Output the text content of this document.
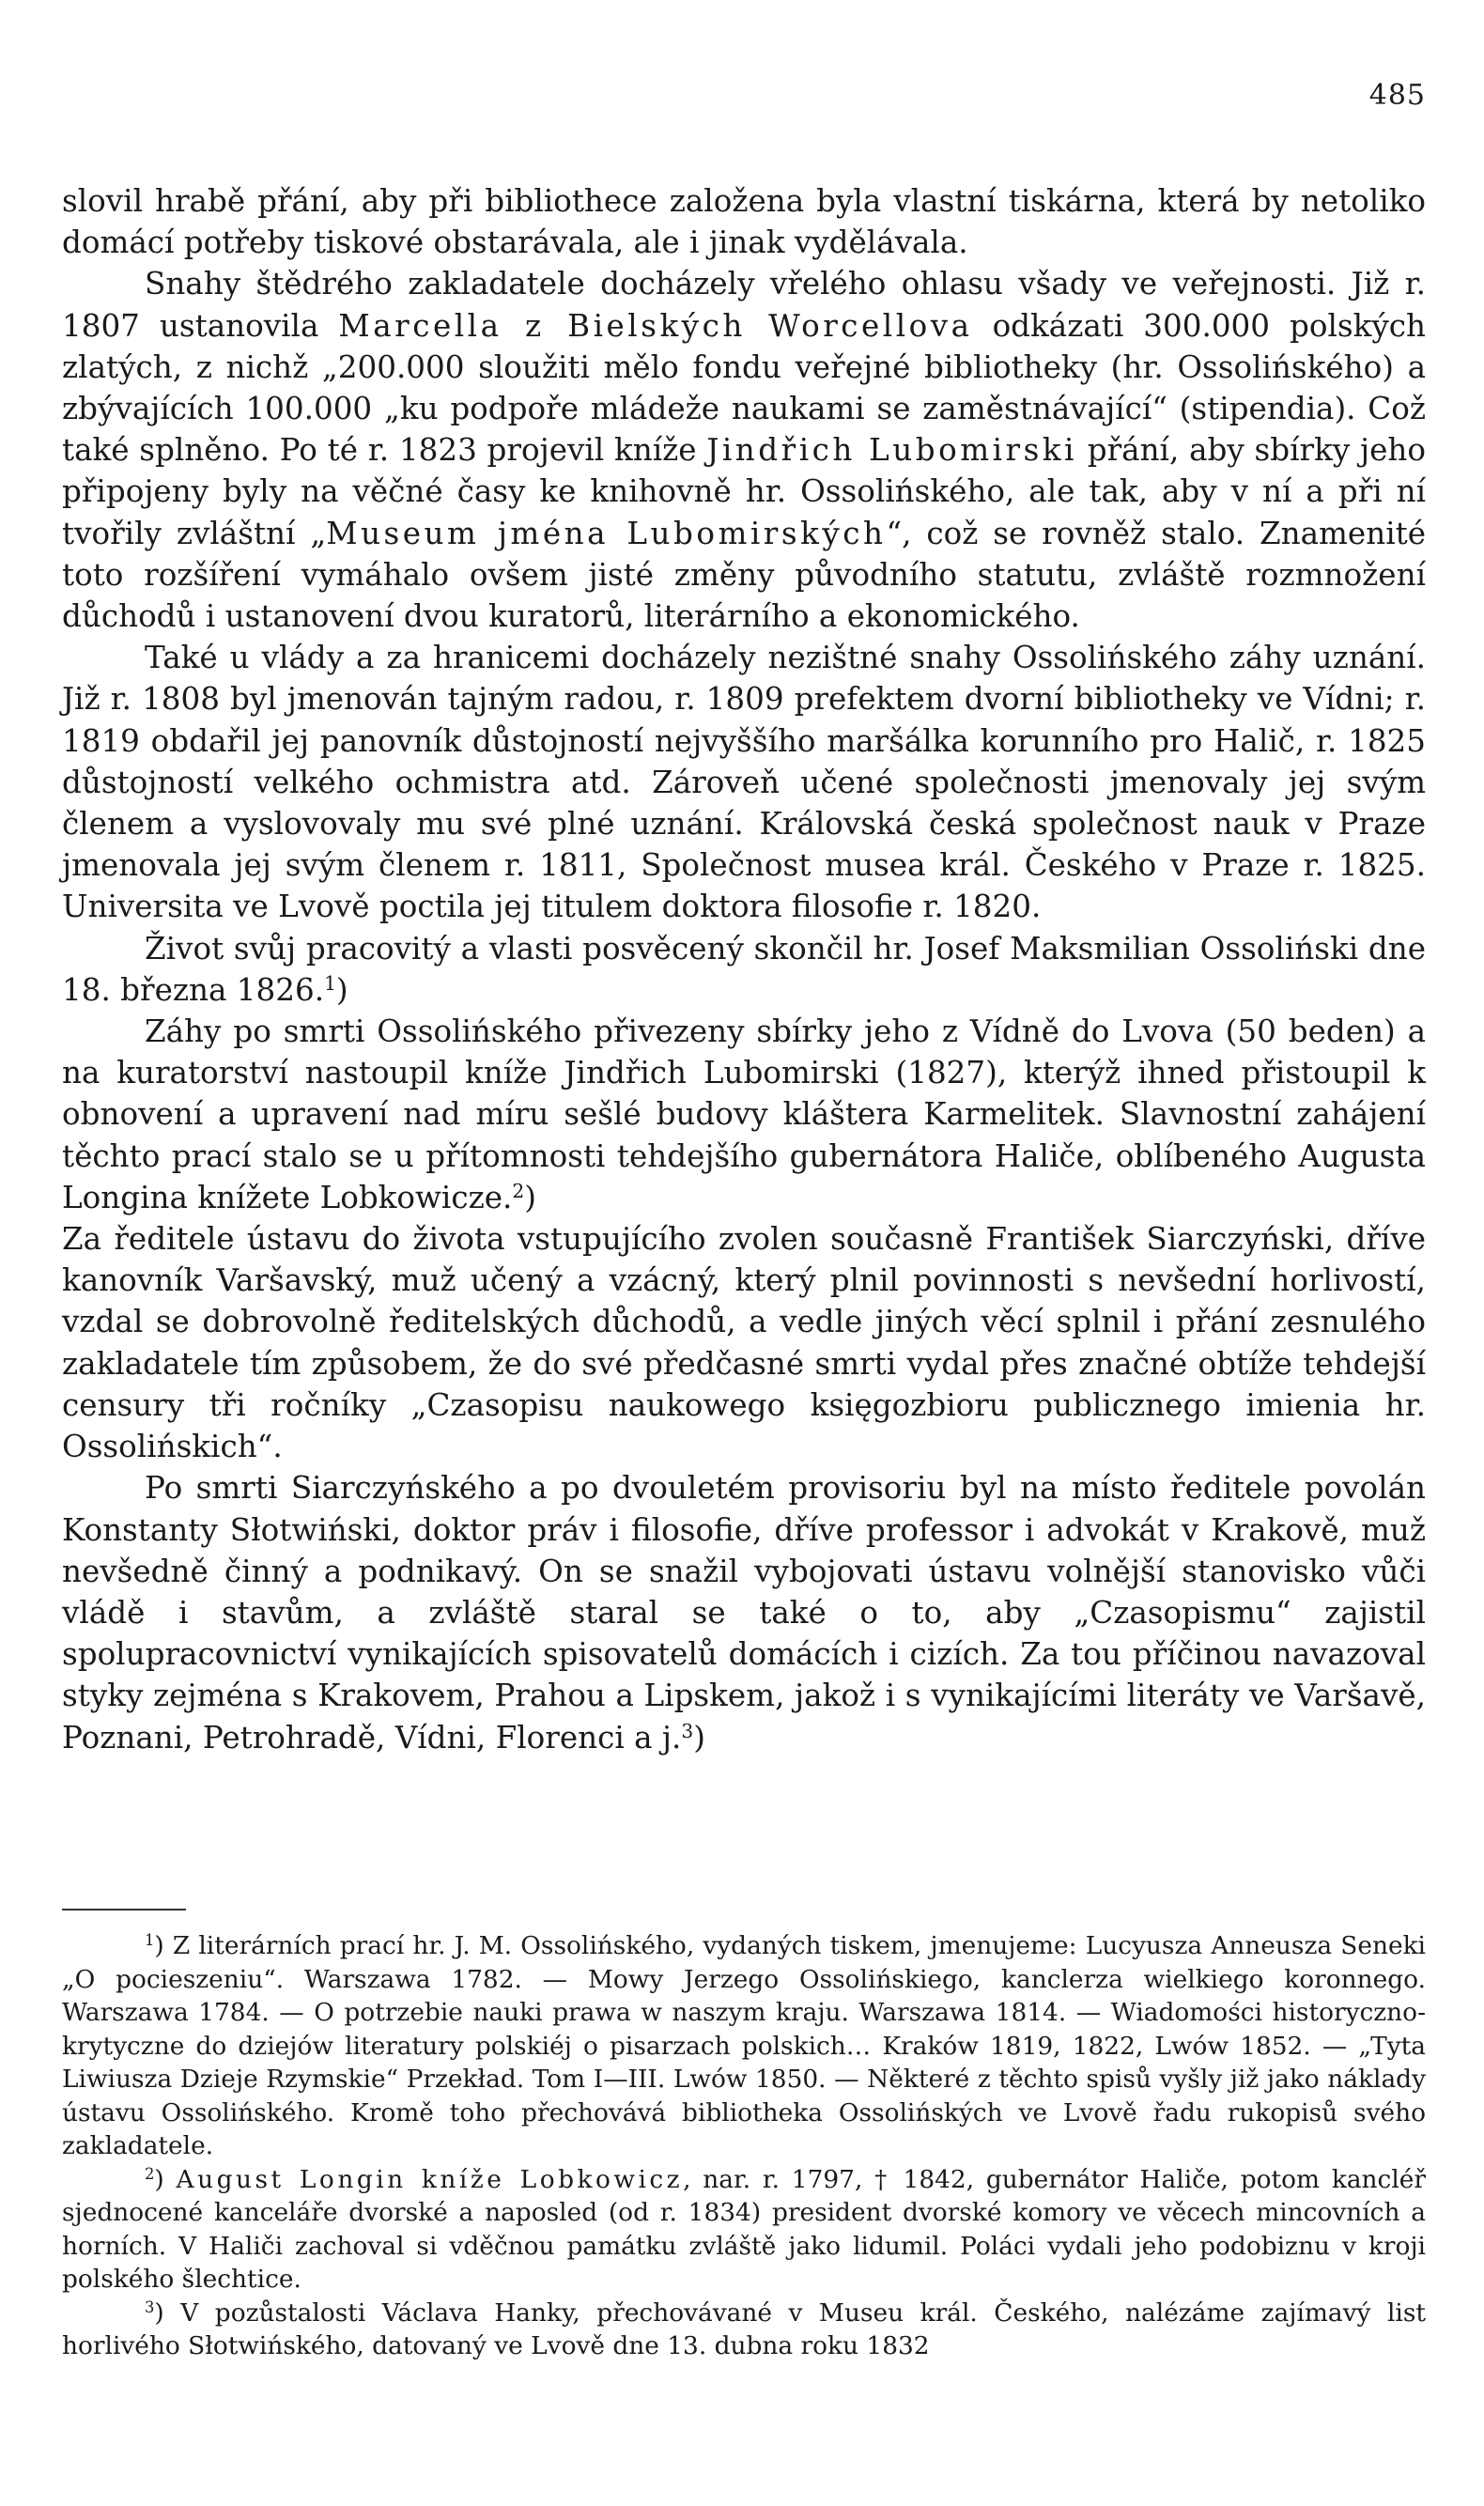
485

slovil hrabě přání, aby při bibliothece založena byla vlastní tiskárna, která by netoliko domácí potřeby tiskové obstarávala, ale i jinak vydělávala.

Snahy štědrého zakladatele docházely vřelého ohlasu všady ve veřejnosti. Již r. 1807 ustanovila Marcella z Bielských Worcellova odkázati 300.000 polských zlatých, z nichž „200.000 sloužiti mělo fondu veřejné bibliotheky (hr. Ossolińského) a zbývajících 100.000 „ku podpoře mládeže naukami se zaměstnávající“ (stipendia). Což také splněno. Po té r. 1823 projevil kníže Jindřich Lubomirski přání, aby sbírky jeho připojeny byly na věčné časy ke knihovně hr. Ossolińského, ale tak, aby v ní a při ní tvořily zvláštní „Museum jména Lubomirských“, což se rovněž stalo. Znamenité toto rozšíření vymáhalo ovšem jisté změny původního statutu, zvláště rozmnožení důchodů i ustanovení dvou kuratorů, literárního a ekonomického.

Také u vlády a za hranicemi docházely nezištné snahy Ossolińského záhy uznání. Již r. 1808 byl jmenován tajným radou, r. 1809 prefektem dvorní bibliotheky ve Vídni; r. 1819 obdařil jej panovník důstojností nejvyššího maršálka korunního pro Halič, r. 1825 důstojností velkého ochmistra atd. Zároveň učené společnosti jmenovaly jej svým členem a vyslovovaly mu své plné uznání. Královská česká společnost nauk v Praze jmenovala jej svým členem r. 1811, Společnost musea král. Českého v Praze r. 1825. Universita ve Lvově poctila jej titulem doktora filosofie r. 1820.

Život svůj pracovitý a vlasti posvěcený skončil hr. Josef Maksmilian Ossoliński dne 18. března 1826.$^1$)

Záhy po smrti Ossolińského přivezeny sbírky jeho z Vídně do Lvova (50 beden) a na kuratorství nastoupil kníže Jindřich Lubomirski (1827), kterýž ihned přistoupil k obnovení a upravení nad míru sešlé budovy kláštera Karmelitek. Slavnostní zahájení těchto prací stalo se u přítomnosti tehdejšího gubernátora Haliče, oblíbeného Augusta Longina knížete Lobkowicze.$^2$)

Za ředitele ústavu do života vstupujícího zvolen současně František Siarczyński, dříve kanovník Varšavský, muž učený a vzácný, který plnil povinnosti s nevšední horlivostí, vzdal se dobrovolně ředitelských důchodů, a vedle jiných věcí splnil i přání zesnulého zakladatele tím způsobem, že do své předčasné smrti vydal přes značné obtíže tehdejší censury tři ročníky „Czasopisu naukowego księgozbioru publicznego imienia hr. Ossolińskich“.

Po smrti Siarczyńského a po dvouletém provisoriu byl na místo ředitele povolán Konstanty Słotwiński, doktor práv i filosofie, dříve professor i advokát v Krakově, muž nevšedně činný a podnikavý. On se snažil vybojovati ústavu volnější stanovisko vůči vládě i stavům, a zvláště staral se také o to, aby „Czasopismu“ zajistil spolupracovnictví vynikajících spisovatelů domácích i cizích. Za tou příčinou navazoval styky zejména s Krakovem, Prahou a Lipskem, jakož i s vynikajícími literáty ve Varšavě, Poznani, Petrohradě, Vídni, Florenci a j.$^3$)

$^1$) Z literárních prací hr. J. M. Ossolińského, vydaných tiskem, jmenujeme: Lucyusza Anneusza Seneki „O pocieszeniu“. Warszawa 1782. — Mowy Jerzego Ossolińskiego, kanclerza wielkiego koronnego. Warszawa 1784. — O potrzebie nauki prawa w naszym kraju. Warszawa 1814. — Wiadomości historyczno-krytyczne do dziejów literatury polskiéj o pisarzach polskich… Kraków 1819, 1822, Lwów 1852. — „Tyta Liwiusza Dzieje Rzymskie“ Przekład. Tom I—III. Lwów 1850. — Některé z těchto spisů vyšly již jako náklady ústavu Ossolińského. Kromě toho přechovává bibliotheka Ossolińských ve Lvově řadu rukopisů svého zakladatele.

$^2$) August Longin kníže Lobkowicz, nar. r. 1797, † 1842, gubernátor Haliče, potom kancléř sjednocené kanceláře dvorské a naposled (od r. 1834) president dvorské komory ve věcech mincovních a horních. V Haliči zachoval si vděčnou památku zvláště jako lidumil. Poláci vydali jeho podobiznu v kroji polského šlechtice.

$^3$) V pozůstalosti Václava Hanky, přechovávané v Museu král. Českého, nalézáme zajímavý list horlivého Słotwińského, datovaný ve Lvově dne 13. dubna roku 1832
